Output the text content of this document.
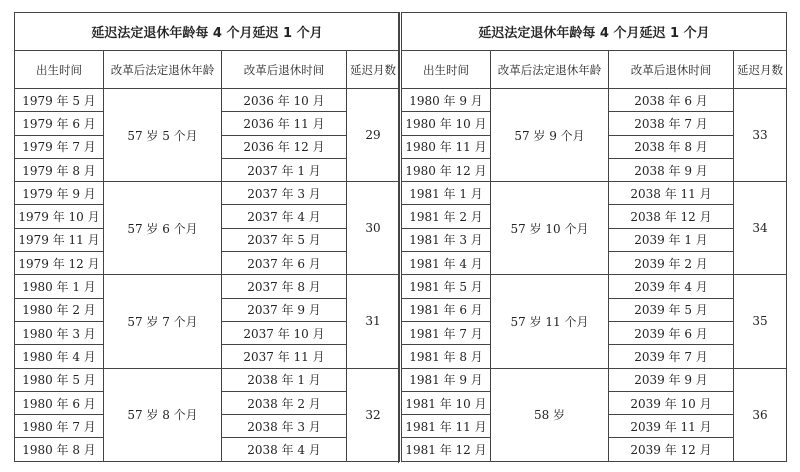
延迟法定退休年龄每 4 个月延迟 1 个月			
出生时间	改革后法定退休年龄	改革后退休时间	延迟月数
1979 年 5 月	57 岁 5 个月	2036 年 10 月	29
1979 年 6 月		2036 年 11 月	
1979 年 7 月		2036 年 12 月	
1979 年 8 月		2037 年 1 月	
1979 年 9 月	57 岁 6 个月	2037 年 3 月	30
1979 年 10 月		2037 年 4 月	
1979 年 11 月		2037 年 5 月	
1979 年 12 月		2037 年 6 月	
1980 年 1 月	57 岁 7 个月	2037 年 8 月	31
1980 年 2 月		2037 年 9 月	
1980 年 3 月		2037 年 10 月	
1980 年 4 月		2037 年 11 月	
1980 年 5 月	57 岁 8 个月	2038 年 1 月	32
1980 年 6 月		2038 年 2 月	
1980 年 7 月		2038 年 3 月	
1980 年 8 月		2038 年 4 月	
延迟法定退休年龄每 4 个月延迟 1 个月			
出生时间	改革后法定退休年龄	改革后退休时间	延迟月数
1980 年 9 月	57 岁 9 个月	2038 年 6 月	33
1980 年 10 月		2038 年 7 月	
1980 年 11 月		2038 年 8 月	
1980 年 12 月		2038 年 9 月	
1981 年 1 月	57 岁 10 个月	2038 年 11 月	34
1981 年 2 月		2038 年 12 月	
1981 年 3 月		2039 年 1 月	
1981 年 4 月		2039 年 2 月	
1981 年 5 月	57 岁 11 个月	2039 年 4 月	35
1981 年 6 月		2039 年 5 月	
1981 年 7 月		2039 年 6 月	
1981 年 8 月		2039 年 7 月	
1981 年 9 月	58 岁	2039 年 9 月	36
1981 年 10 月		2039 年 10 月	
1981 年 11 月		2039 年 11 月	
1981 年 12 月		2039 年 12 月	
